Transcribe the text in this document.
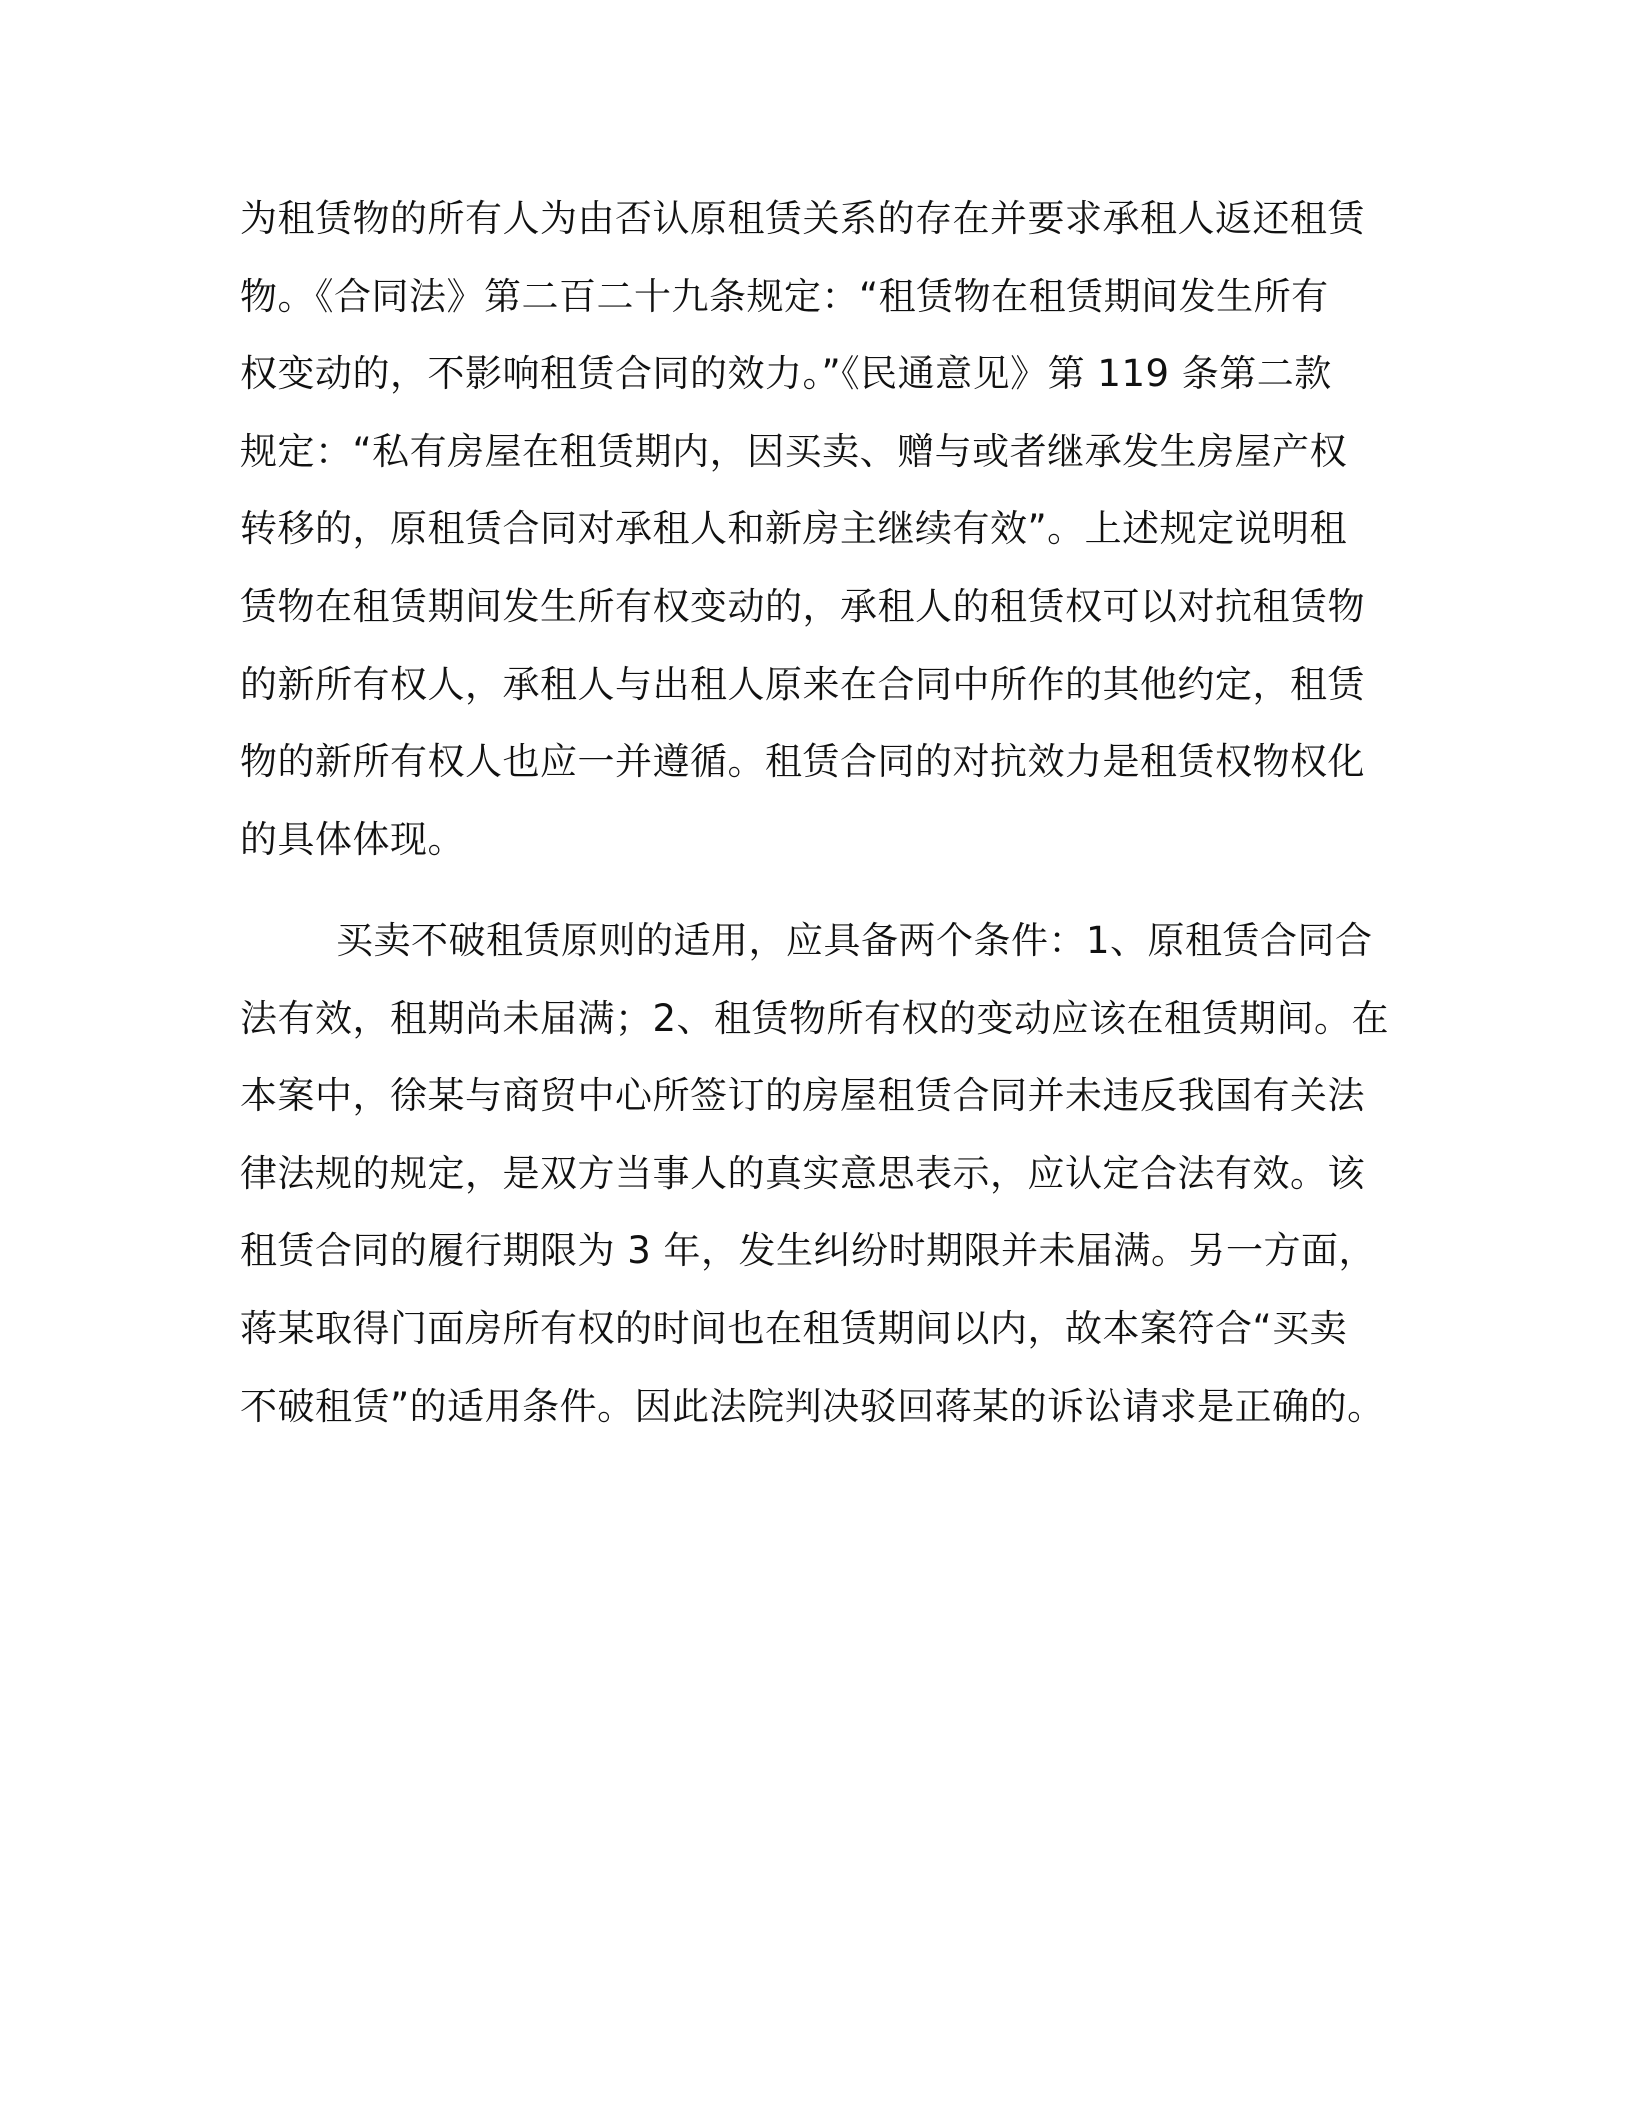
为租赁物的所有人为由否认原租赁关系的存在并要求承租人返还租赁
物。《合同法》第二百二十九条规定：“租赁物在租赁期间发生所有
权变动的，不影响租赁合同的效力。”《民通意见》第 119 条第二款
规定：“私有房屋在租赁期内，因买卖、赠与或者继承发生房屋产权
转移的，原租赁合同对承租人和新房主继续有效”。上述规定说明租
赁物在租赁期间发生所有权变动的，承租人的租赁权可以对抗租赁物
的新所有权人，承租人与出租人原来在合同中所作的其他约定，租赁
物的新所有权人也应一并遵循。租赁合同的对抗效力是租赁权物权化
的具体体现。

买卖不破租赁原则的适用，应具备两个条件：1、原租赁合同合
法有效，租期尚未届满；2、租赁物所有权的变动应该在租赁期间。在
本案中，徐某与商贸中心所签订的房屋租赁合同并未违反我国有关法
律法规的规定，是双方当事人的真实意思表示，应认定合法有效。该
租赁合同的履行期限为 3 年，发生纠纷时期限并未届满。另一方面，
蒋某取得门面房所有权的时间也在租赁期间以内，故本案符合“买卖
不破租赁”的适用条件。因此法院判决驳回蒋某的诉讼请求是正确的。
